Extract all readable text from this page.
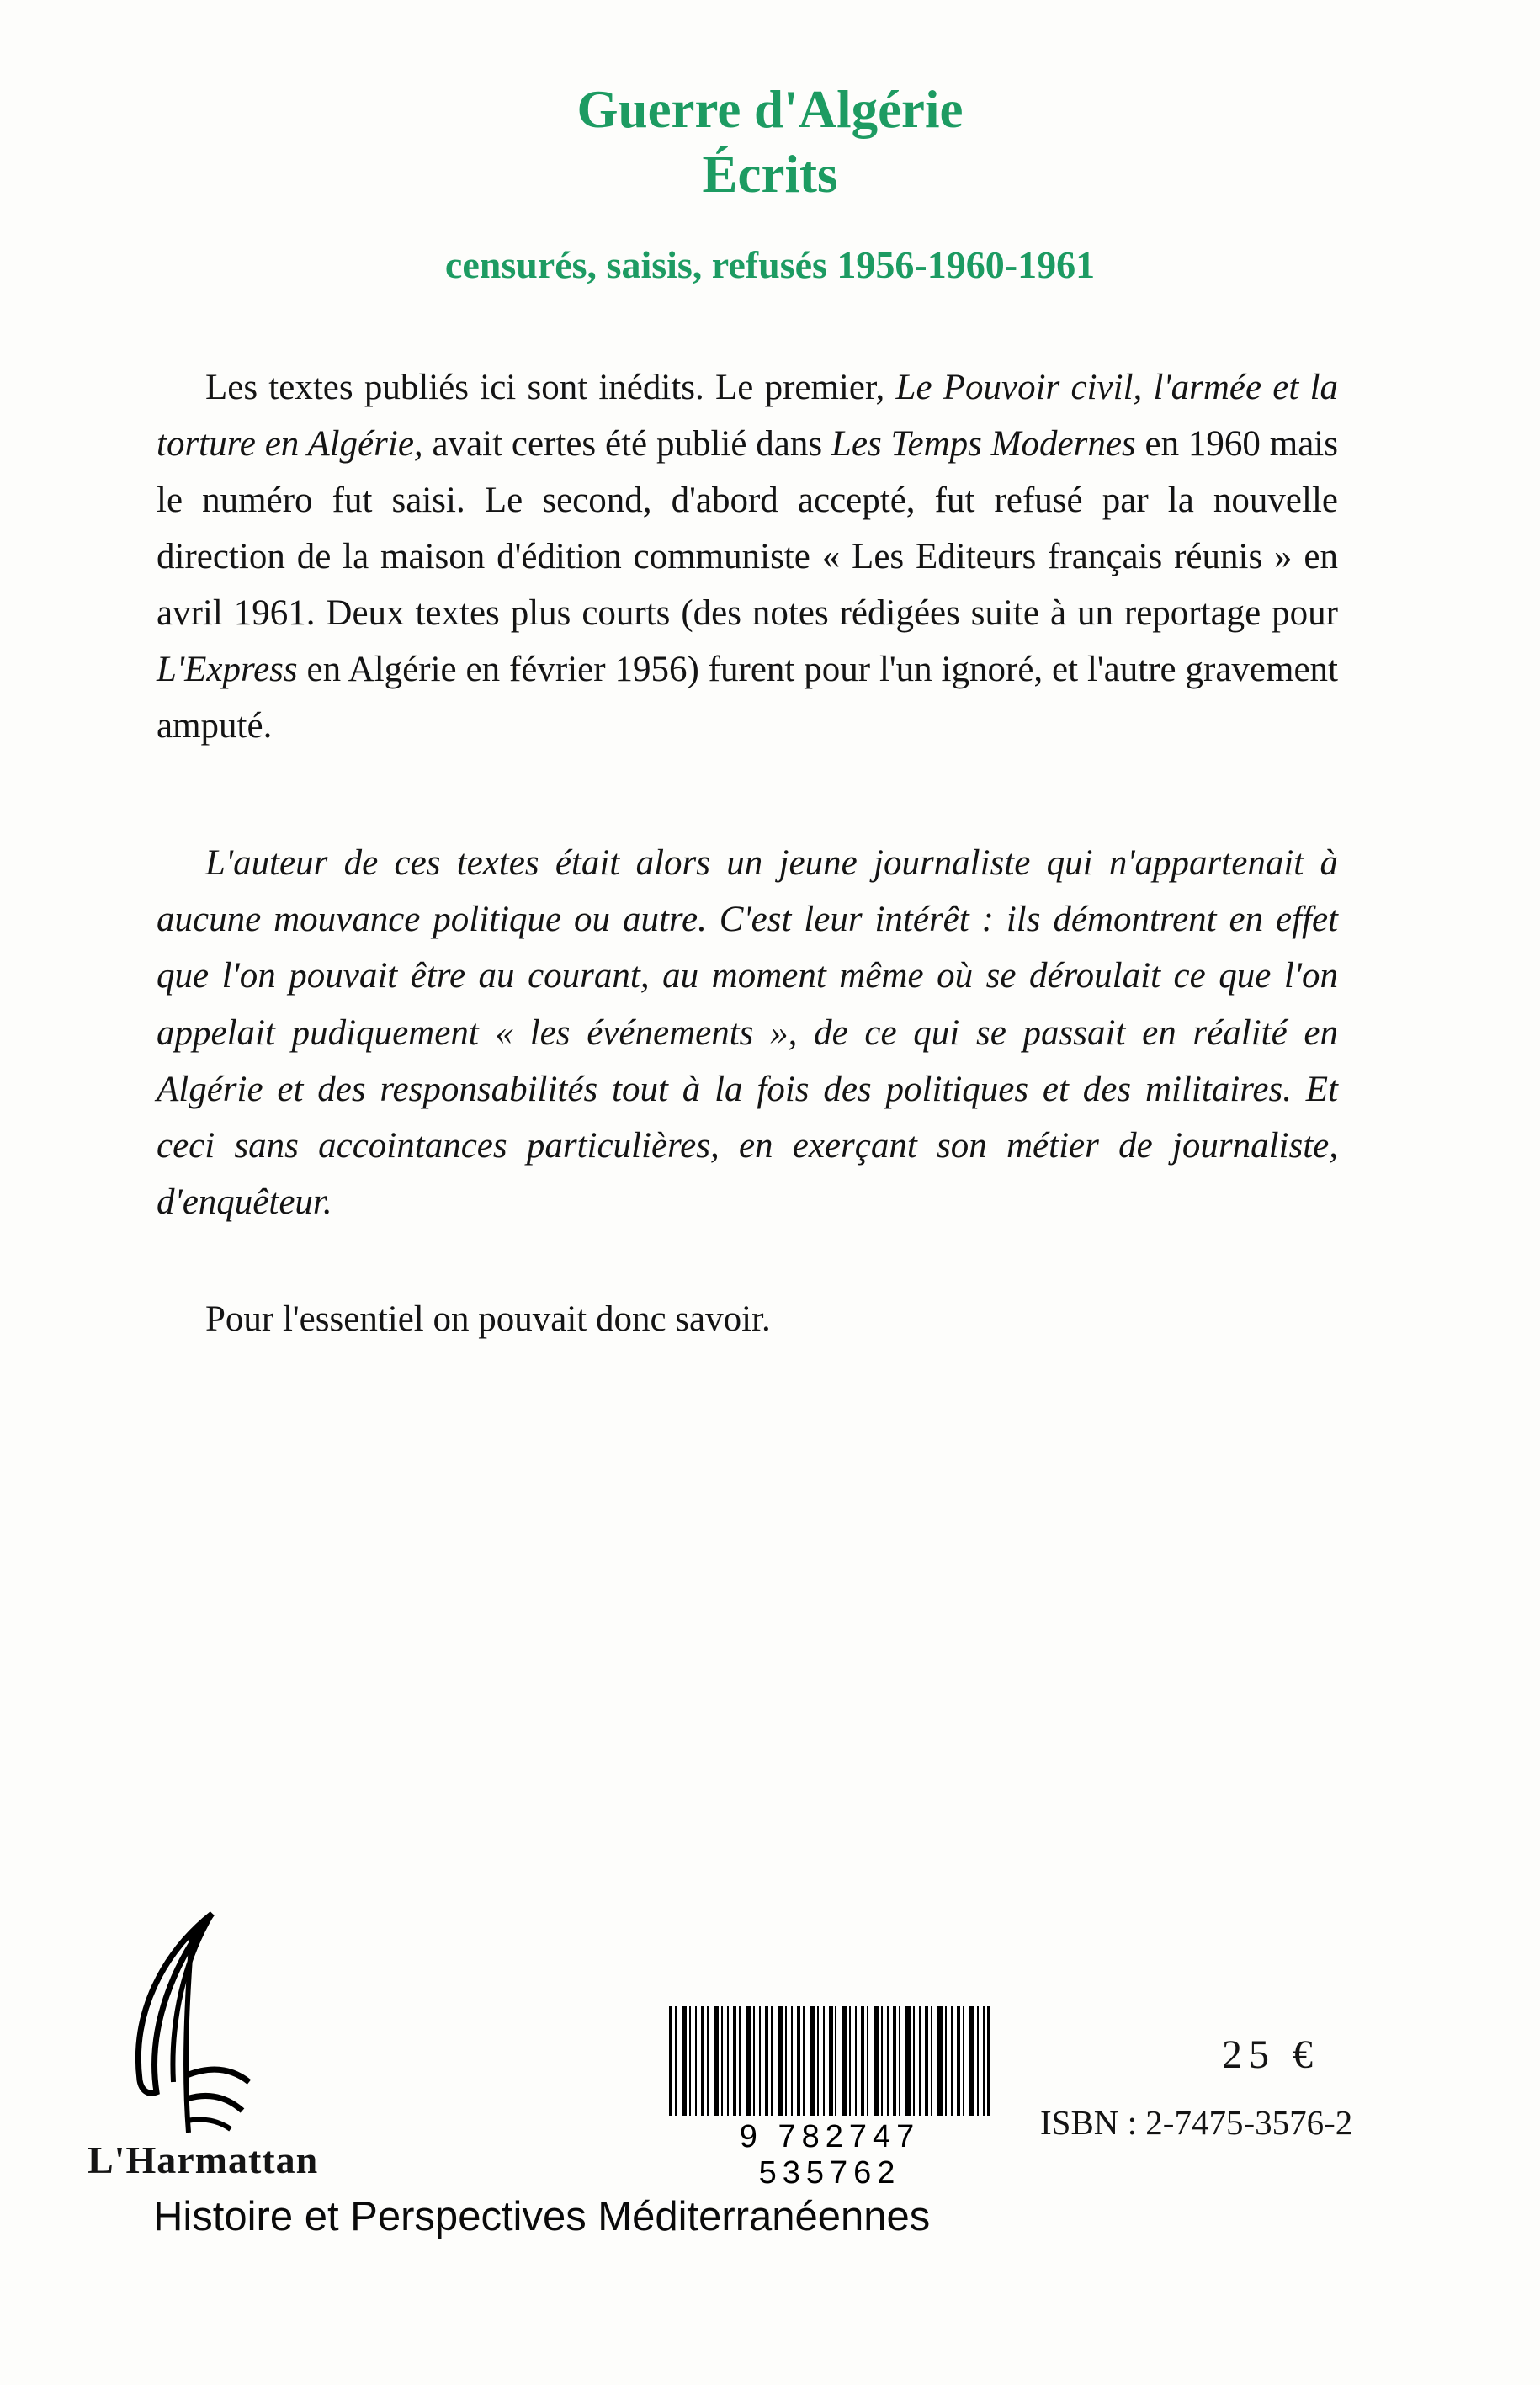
Guerre d'Algérie
Écrits
censurés, saisis, refusés 1956-1960-1961

Les textes publiés ici sont inédits. Le premier, Le Pouvoir civil, l'armée et la torture en Algérie, avait certes été publié dans Les Temps Modernes en 1960 mais le numéro fut saisi. Le second, d'abord accepté, fut refusé par la nouvelle direction de la maison d'édition communiste « Les Editeurs français réunis » en avril 1961. Deux textes plus courts (des notes rédigées suite à un reportage pour L'Express en Algérie en février 1956) furent pour l'un ignoré, et l'autre gravement amputé.

L'auteur de ces textes était alors un jeune journaliste qui n'appartenait à aucune mouvance politique ou autre. C'est leur intérêt : ils démontrent en effet que l'on pouvait être au courant, au moment même où se déroulait ce que l'on appelait pudiquement « les événements », de ce qui se passait en réalité en Algérie et des responsabilités tout à la fois des politiques et des militaires. Et ceci sans accointances particulières, en exerçant son métier de journaliste, d'enquêteur.

Pour l'essentiel on pouvait donc savoir.

L'Harmattan
9 782747 535762
25 €
ISBN : 2-7475-3576-2
Histoire et Perspectives Méditerranéennes
